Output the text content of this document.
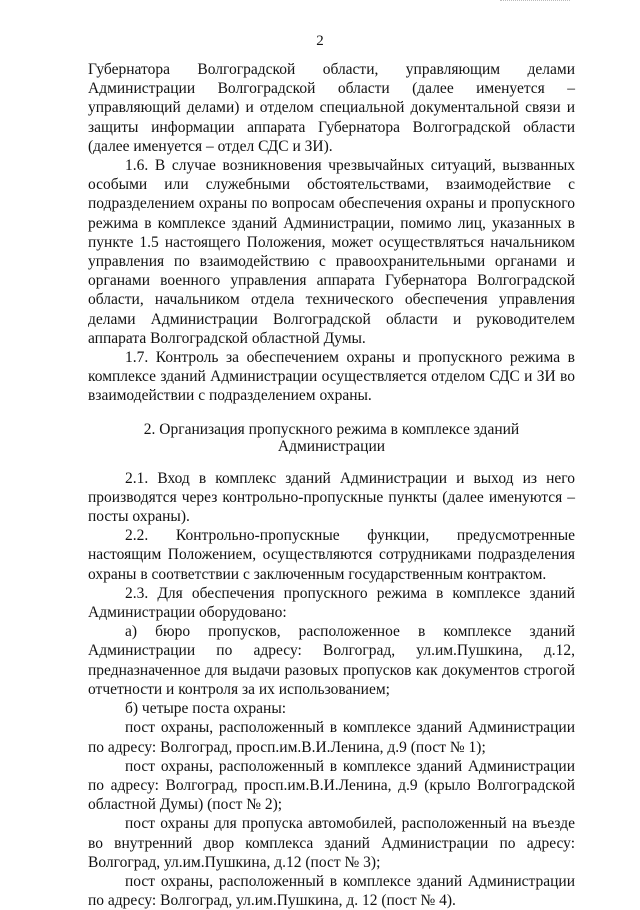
2

Губернатора Волгоградской области, управляющим делами Администрации Волгоградской области (далее именуется – управляющий делами) и отделом специальной документальной связи и защиты информации аппарата Губернатора Волгоградской области (далее именуется – отдел СДС и ЗИ).

1.6. В случае возникновения чрезвычайных ситуаций, вызванных особыми или служебными обстоятельствами, взаимодействие с подразделением охраны по вопросам обеспечения охраны и пропускного режима в комплексе зданий Администрации, помимо лиц, указанных в пункте 1.5 настоящего Положения, может осуществляться начальником управления по взаимодействию с правоохранительными органами и органами военного управления аппарата Губернатора Волгоградской области, начальником отдела технического обеспечения управления делами Администрации Волгоградской области и руководителем аппарата Волгоградской областной Думы.

1.7. Контроль за обеспечением охраны и пропускного режима в комплексе зданий Администрации осуществляется отделом СДС и ЗИ во взаимодействии с подразделением охраны.

2. Организация пропускного режима в комплексе зданий
Администрации

2.1. Вход в комплекс зданий Администрации и выход из него производятся через контрольно-пропускные пункты (далее именуются – посты охраны).

2.2. Контрольно-пропускные функции, предусмотренные настоящим Положением, осуществляются сотрудниками подразделения охраны в соответствии с заключенным государственным контрактом.

2.3. Для обеспечения пропускного режима в комплексе зданий Администрации оборудовано:

а) бюро пропусков, расположенное в комплексе зданий Администрации по адресу: Волгоград, ул.им.Пушкина, д.12, предназначенное для выдачи разовых пропусков как документов строгой отчетности и контроля за их использованием;

б) четыре поста охраны:

пост охраны, расположенный в комплексе зданий Администрации по адресу: Волгоград, просп.им.В.И.Ленина, д.9 (пост № 1);

пост охраны, расположенный в комплексе зданий Администрации по адресу: Волгоград, просп.им.В.И.Ленина, д.9 (крыло Волгоградской областной Думы) (пост № 2);

пост охраны для пропуска автомобилей, расположенный на въезде во внутренний двор комплекса зданий Администрации по адресу: Волгоград, ул.им.Пушкина, д.12 (пост № 3);

пост охраны, расположенный в комплексе зданий Администрации по адресу: Волгоград, ул.им.Пушкина, д. 12 (пост № 4).
